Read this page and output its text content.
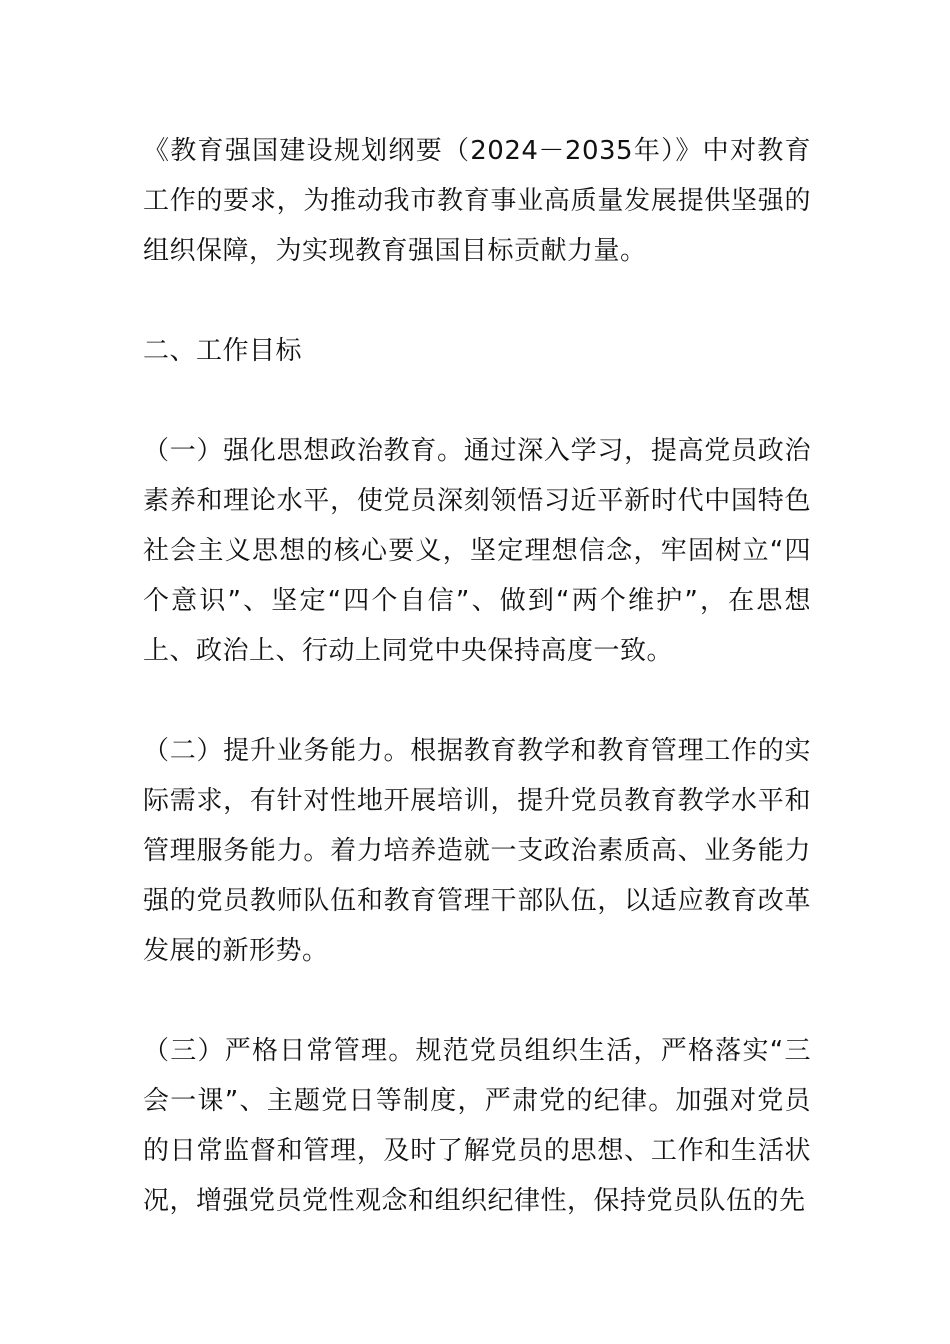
《教育强国建设规划纲要（2024－2035年）》中对教育工作的要求，为推动我市教育事业高质量发展提供坚强的组织保障，为实现教育强国目标贡献力量。

二、工作目标

（一）强化思想政治教育。通过深入学习，提高党员政治素养和理论水平，使党员深刻领悟习近平新时代中国特色社会主义思想的核心要义，坚定理想信念，牢固树立“四个意识”、坚定“四个自信”、做到“两个维护”，在思想上、政治上、行动上同党中央保持高度一致。

（二）提升业务能力。根据教育教学和教育管理工作的实际需求，有针对性地开展培训，提升党员教育教学水平和管理服务能力。着力培养造就一支政治素质高、业务能力强的党员教师队伍和教育管理干部队伍，以适应教育改革发展的新形势。

（三）严格日常管理。规范党员组织生活，严格落实“三会一课”、主题党日等制度，严肃党的纪律。加强对党员的日常监督和管理，及时了解党员的思想、工作和生活状况，增强党员党性观念和组织纪律性，保持党员队伍的先
